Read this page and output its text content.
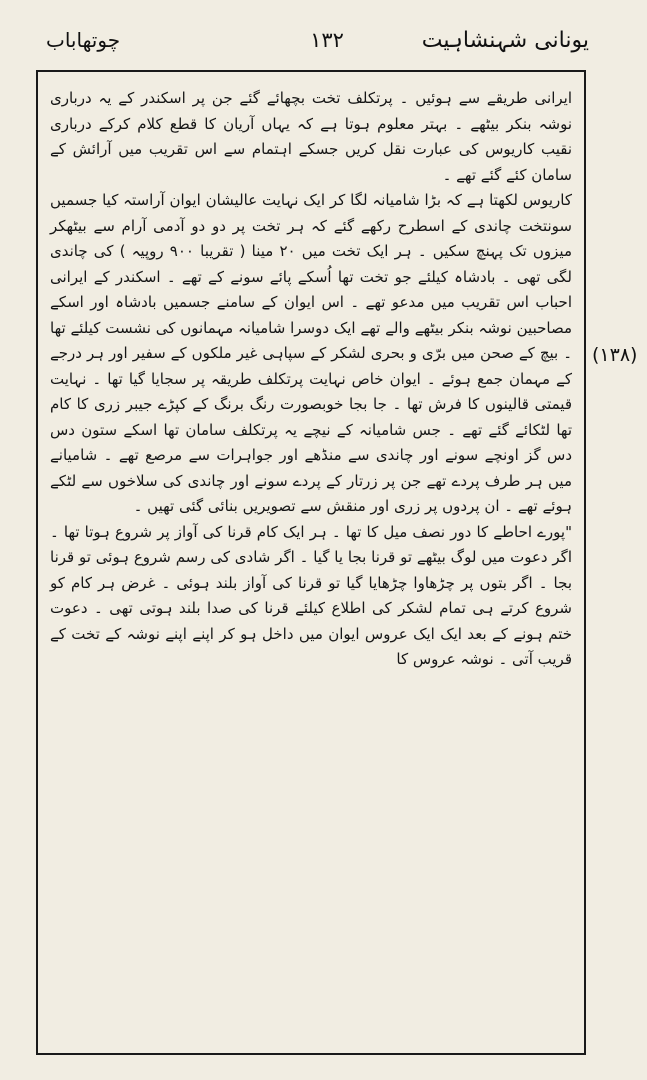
یونانی شہنشاہیت
۱۳۲
چوتھاباب

ایرانی طریقے سے ہوئیں ۔ پرتکلف تخت بچھائے گئے جن پر اسکندر کے یہ درباری نوشہ بنکر بیٹھے ۔ بہتر معلوم ہوتا ہے کہ یہاں آریان کا قطع کلام کرکے درباری نقیب کاریوس کی عبارت نقل کریں جسکے اہتمام سے اس تقریب میں آرائش کے سامان کئے گئے تھے ۔

کاریوس لکھتا ہے کہ بڑا شامیانہ لگا کر ایک نہایت عالیشان ایوان آراستہ کیا جسمیں سونتخت چاندی کے اسطرح رکھے گئے کہ ہر تخت پر دو دو آدمی آرام سے بیٹھکر میزوں تک پہنچ سکیں ۔ ہر ایک تخت میں ۲۰ مینا ( تقریبا ۹۰۰ روپیہ ) کی چاندی لگی تھی ۔ بادشاہ کیلئے جو تخت تھا اُسکے پائے سونے کے تھے ۔ اسکندر کے ایرانی احباب اس تقریب میں مدعو تھے ۔ اس ایوان کے سامنے جسمیں بادشاہ اور اسکے مصاحبین نوشہ بنکر بیٹھے والے تھے ایک دوسرا شامیانہ مہمانوں کی نشست کیلئے تھا ۔ بیچ کے صحن میں برّی و بحری لشکر کے سپاہی غیر ملکوں کے سفیر اور ہر درجے کے مہمان جمع ہوئے ۔ ایوان خاص نہایت پرتکلف طریقہ پر سجایا گیا تھا ۔ نہایت قیمتی قالینوں کا فرش تھا ۔ جا بجا خوبصورت رنگ برنگ کے کپڑے جیبر زری کا کام تھا لٹکائے گئے تھے ۔ جس شامیانہ کے نیچے یہ پرتکلف سامان تھا اسکے ستون دس دس گز اونچے سونے اور چاندی سے منڈھے اور جواہرات سے مرصع تھے ۔ شامیانے میں ہر طرف پردے تھے جن پر زرتار کے پردے سونے اور چاندی کی سلاخوں سے لٹکے ہوئے تھے ۔ ان پردوں پر زری اور منقش سے تصویریں بنائی گئی تھیں ۔

"پورے احاطے کا دور نصف میل کا تھا ۔ ہر ایک کام قرنا کی آواز پر شروع ہوتا تھا ۔ اگر دعوت میں لوگ بیٹھے تو قرنا بجا یا گیا ۔ اگر شادی کی رسم شروع ہوئی تو قرنا بجا ۔ اگر بتوں پر چڑھاوا چڑھایا گیا تو قرنا کی آواز بلند ہوئی ۔ غرض ہر کام کو شروع کرتے ہی تمام لشکر کی اطلاع کیلئے قرنا کی صدا بلند ہوتی تھی ۔ دعوت ختم ہونے کے بعد ایک ایک عروس ایوان میں داخل ہو کر اپنے اپنے نوشہ کے تخت کے قریب آتی ۔ نوشہ عروس کا

(۱۳۸)
